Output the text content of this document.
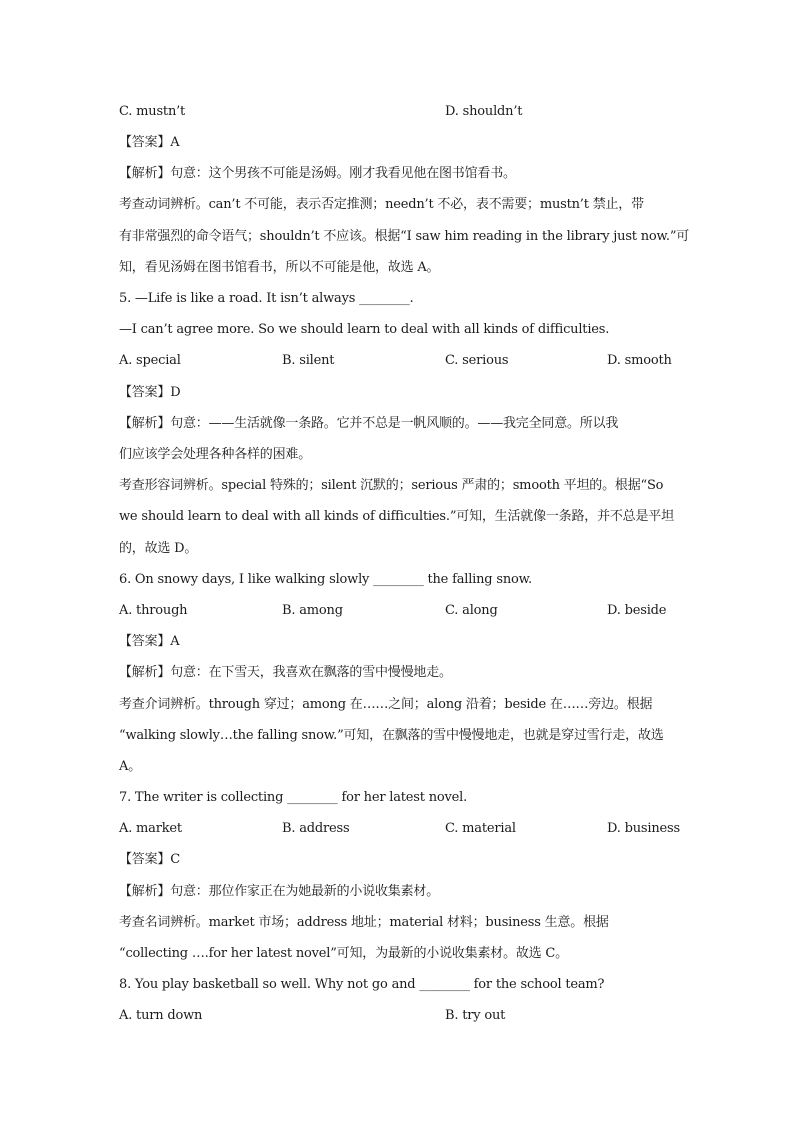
C. mustn’t	D. shouldn’t
【答案】A
【解析】句意：这个男孩不可能是汤姆。刚才我看见他在图书馆看书。
考查动词辨析。can’t 不可能，表示否定推测；needn’t 不必，表不需要；mustn’t 禁止，带
有非常强烈的命令语气；shouldn’t 不应该。根据“I saw him reading in the library just now.”可
知，看见汤姆在图书馆看书，所以不可能是他，故选 A。
5. —Life is like a road. It isn’t always ________.
—I can’t agree more. So we should learn to deal with all kinds of difficulties.
A. special	B. silent	C. serious	D. smooth
【答案】D
【解析】句意：——生活就像一条路。它并不总是一帆风顺的。——我完全同意。所以我
们应该学会处理各种各样的困难。
考查形容词辨析。special 特殊的；silent 沉默的；serious 严肃的；smooth 平坦的。根据“So
we should learn to deal with all kinds of difficulties.”可知，生活就像一条路，并不总是平坦
的，故选 D。
6. On snowy days, I like walking slowly ________ the falling snow.
A. through	B. among	C. along	D. beside
【答案】A
【解析】句意：在下雪天，我喜欢在飘落的雪中慢慢地走。
考查介词辨析。through 穿过；among 在……之间；along 沿着；beside 在……旁边。根据
“walking slowly…the falling snow.”可知，在飘落的雪中慢慢地走，也就是穿过雪行走，故选
A。
7. The writer is collecting ________ for her latest novel.
A. market	B. address	C. material	D. business
【答案】C
【解析】句意：那位作家正在为她最新的小说收集素材。
考查名词辨析。market 市场；address 地址；material 材料；business 生意。根据
“collecting ….for her latest novel”可知，为最新的小说收集素材。故选 C。
8. You play basketball so well. Why not go and ________ for the school team?
A. turn down	B. try out
